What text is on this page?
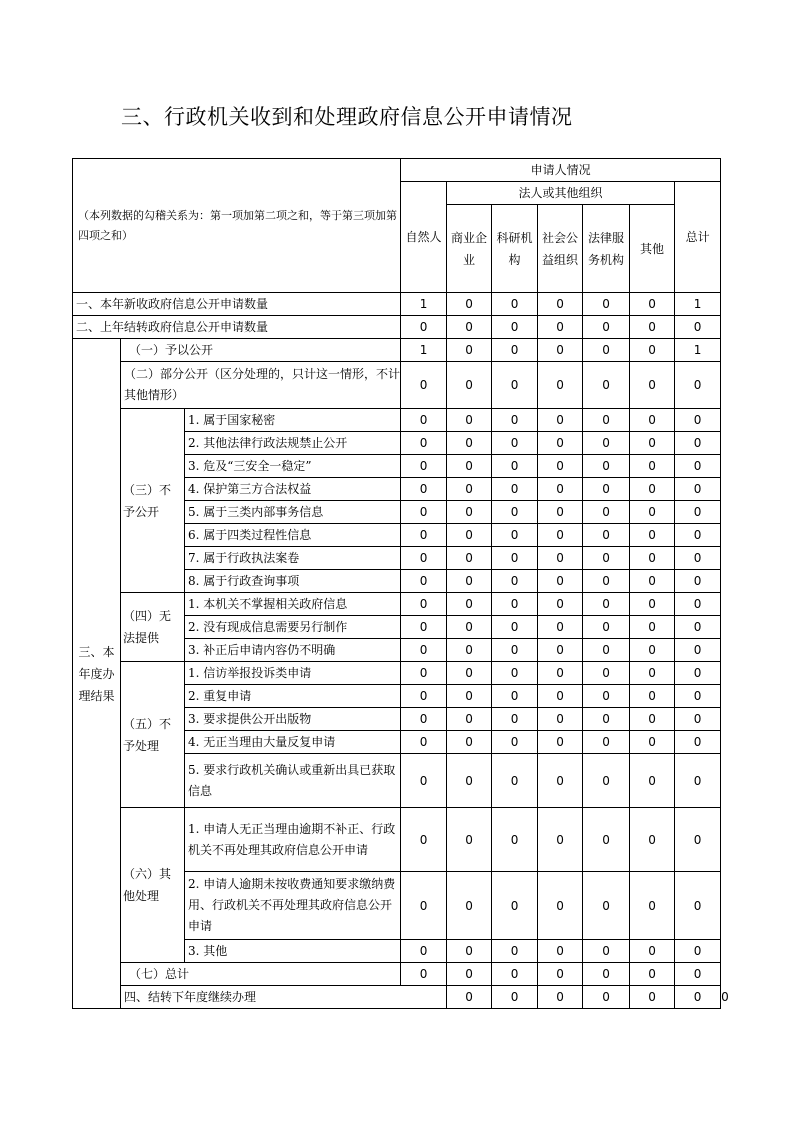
三、行政机关收到和处理政府信息公开申请情况
（本列数据的勾稽关系为：第一项加第二项之和，等于第三项加第四项之和）			申请人情况							
			自然人	法人或其他组织					总计	
				商业企业	科研机构	社会公益组织	法律服务机构	其他		
一、本年新收政府信息公开申请数量			1	0	0	0	0	0	1	
二、上年结转政府信息公开申请数量			0	0	0	0	0	0	0	
三、本年度办理结果	（一）予以公开		1	0	0	0	0	0	1	
	（二）部分公开（区分处理的，只计这一情形，不计其他情形）		0	0	0	0	0	0	0	
	（三）不予公开	1. 属于国家秘密	0	0	0	0	0	0	0	
		2. 其他法律行政法规禁止公开	0	0	0	0	0	0	0	
		3. 危及“三安全一稳定”	0	0	0	0	0	0	0	
		4. 保护第三方合法权益	0	0	0	0	0	0	0	
		5. 属于三类内部事务信息	0	0	0	0	0	0	0	
		6. 属于四类过程性信息	0	0	0	0	0	0	0	
		7. 属于行政执法案卷	0	0	0	0	0	0	0	
		8. 属于行政查询事项	0	0	0	0	0	0	0	
	（四）无法提供	1. 本机关不掌握相关政府信息	0	0	0	0	0	0	0	
		2. 没有现成信息需要另行制作	0	0	0	0	0	0	0	
		3. 补正后申请内容仍不明确	0	0	0	0	0	0	0	
	（五）不予处理	1. 信访举报投诉类申请	0	0	0	0	0	0	0	
		2. 重复申请	0	0	0	0	0	0	0	
		3. 要求提供公开出版物	0	0	0	0	0	0	0	
		4. 无正当理由大量反复申请	0	0	0	0	0	0	0	
		5. 要求行政机关确认或重新出具已获取信息	0	0	0	0	0	0	0	
	（六）其他处理	1. 申请人无正当理由逾期不补正、行政机关不再处理其政府信息公开申请	0	0	0	0	0	0	0	
		2. 申请人逾期未按收费通知要求缴纳费用、行政机关不再处理其政府信息公开申请	0	0	0	0	0	0	0	
		3. 其他	0	0	0	0	0	0	0	
	（七）总计		0	0	0	0	0	0	0	
	四、结转下年度继续办理			0	0	0	0	0	0	0
